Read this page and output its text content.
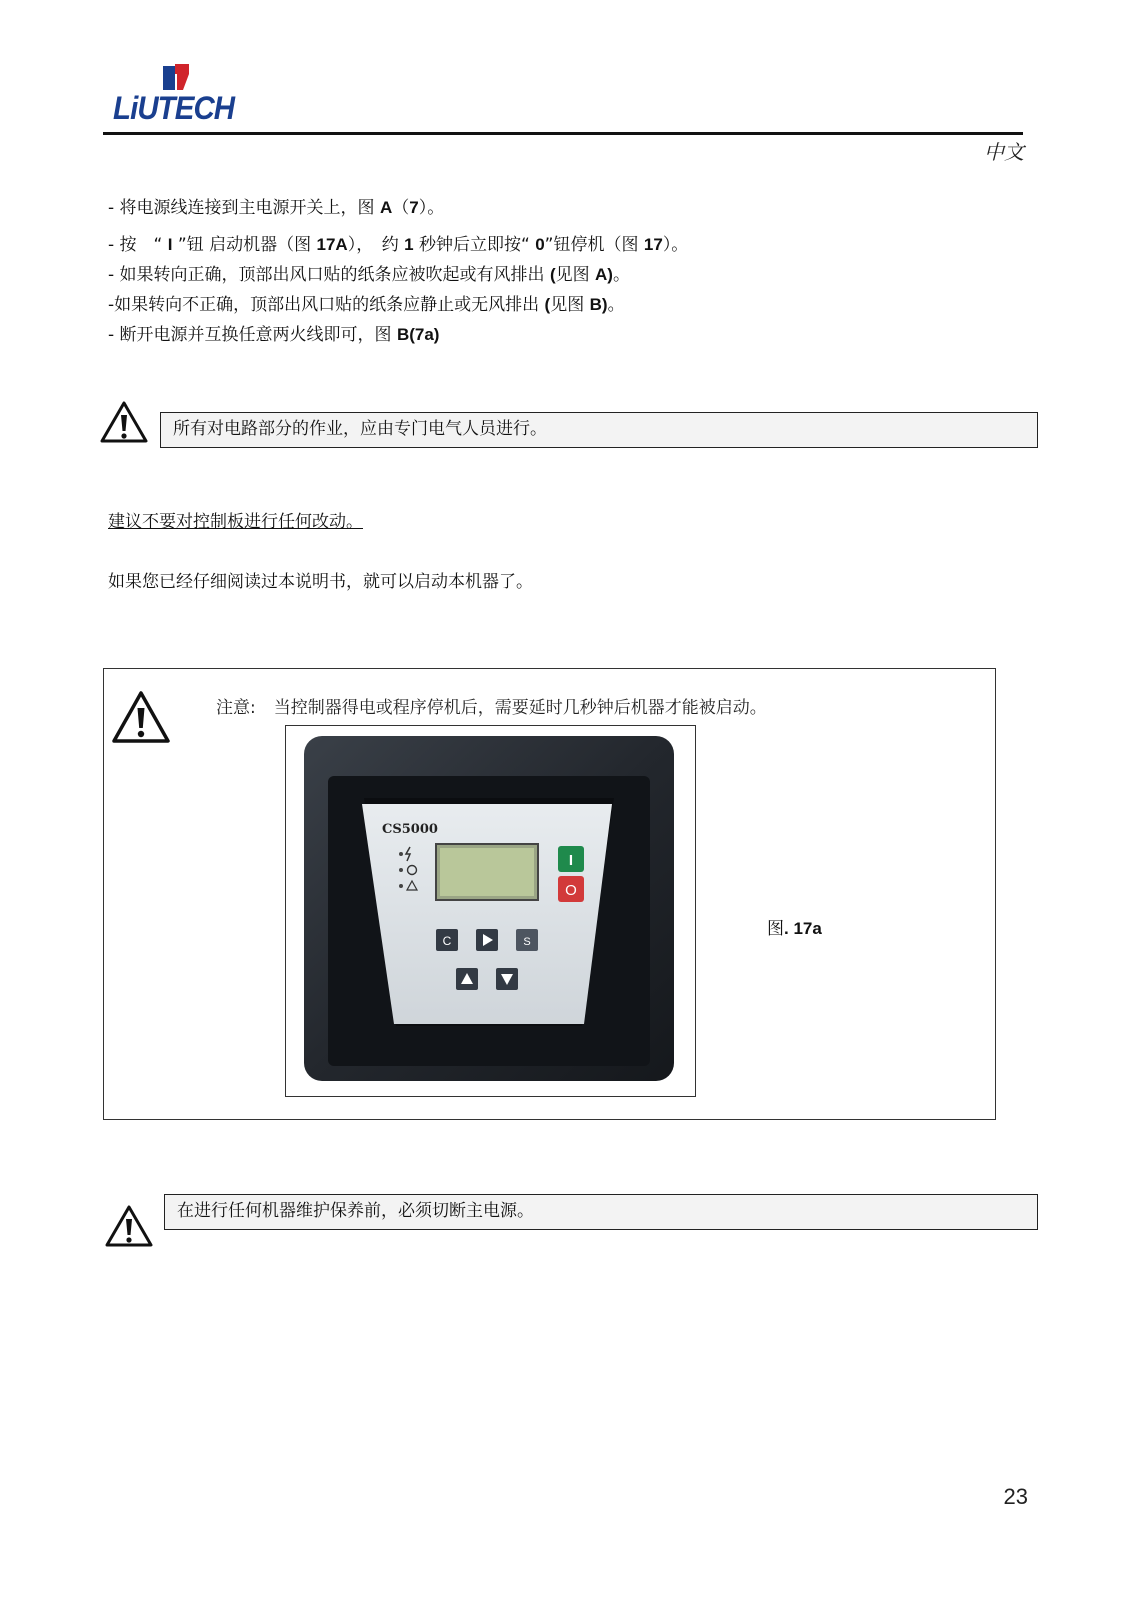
LiUTECH
中文
- 将电源线连接到主电源开关上，图 A（7）。
- 按　“ I ”钮 启动机器（图 17A），　约 1 秒钟后立即按“ 0”钮停机（图 17）。
- 如果转向正确，顶部出风口贴的纸条应被吹起或有风排出 (见图 A)。
-如果转向不正确，顶部出风口贴的纸条应静止或无风排出 (见图 B)。
- 断开电源并互换任意两火线即可，图 B(7a)
所有对电路部分的作业，应由专门电气人员进行。
建议不要对控制板进行任何改动。
如果您已经仔细阅读过本说明书，就可以启动本机器了。
注意: 当控制器得电或程序停机后，需要延时几秒钟后机器才能被启动。
CS5000
I
O
C	S
图. 17a
在进行任何机器维护保养前，必须切断主电源。
23
